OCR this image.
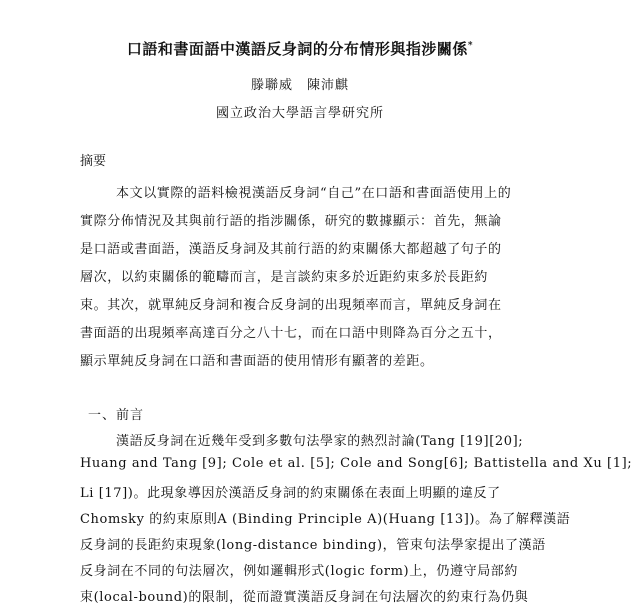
口語和書面語中漢語反身詞的分布情形與指涉關係*
滕聯威　陳沛麒
國立政治大學語言學研究所
摘要
本文以實際的語料檢視漢語反身詞“自己”在口語和書面語使用上的
實際分佈情況及其與前行語的指涉關係，研究的數據顯示：首先，無論
是口語或書面語，漢語反身詞及其前行語的約束關係大都超越了句子的
層次，以約束關係的範疇而言，是言談約束多於近距約束多於長距約
束。其次，就單純反身詞和複合反身詞的出現頻率而言，單純反身詞在
書面語的出現頻率高達百分之八十七，而在口語中則降為百分之五十，
顯示單純反身詞在口語和書面語的使用情形有顯著的差距。
一、前言
漢語反身詞在近幾年受到多數句法學家的熱烈討論(Tang [19][20];
Huang and Tang [9]; Cole et al. [5]; Cole and Song[6]; Battistella and Xu [1];
Li [17])。此現象導因於漢語反身詞的約束關係在表面上明顯的違反了
Chomsky 的約束原則A (Binding Principle A)(Huang [13])。為了解釋漢語
反身詞的長距約束現象(long-distance binding)，管束句法學家提出了漢語
反身詞在不同的句法層次，例如邏輯形式(logic form)上，仍遵守局部約
束(local-bound)的限制，從而證實漢語反身詞在句法層次的約束行為仍與
